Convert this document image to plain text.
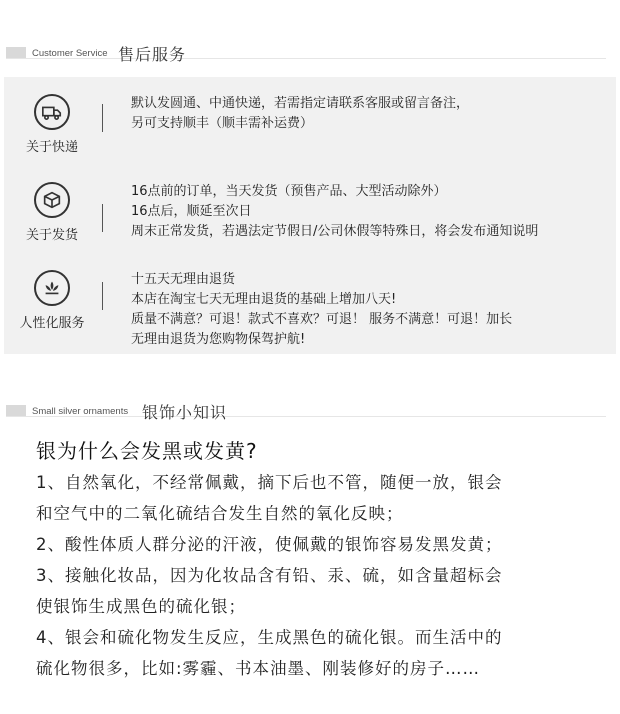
Customer Service 售后服务
关于快递
默认发圆通、中通快递，若需指定请联系客服或留言备注，
另可支持顺丰（顺丰需补运费）
关于发货
16点前的订单，当天发货（预售产品、大型活动除外）
16点后，顺延至次日
周末正常发货，若遇法定节假日/公司休假等特殊日，将会发布通知说明
人性化服务
十五天无理由退货
本店在淘宝七天无理由退货的基础上增加八天!
质量不满意？可退！款式不喜欢？可退！ 服务不满意！可退！加长
无理由退货为您购物保驾护航!
Small silver ornaments 银饰小知识
银为什么会发黑或发黄?
1、自然氧化，不经常佩戴，摘下后也不管，随便一放，银会
和空气中的二氧化硫结合发生自然的氧化反映；
2、酸性体质人群分泌的汗液，使佩戴的银饰容易发黑发黄；
3、接触化妆品，因为化妆品含有铅、汞、硫，如含量超标会
使银饰生成黑色的硫化银；
4、银会和硫化物发生反应，生成黑色的硫化银。而生活中的
硫化物很多，比如:雾霾、书本油墨、刚装修好的房子……
